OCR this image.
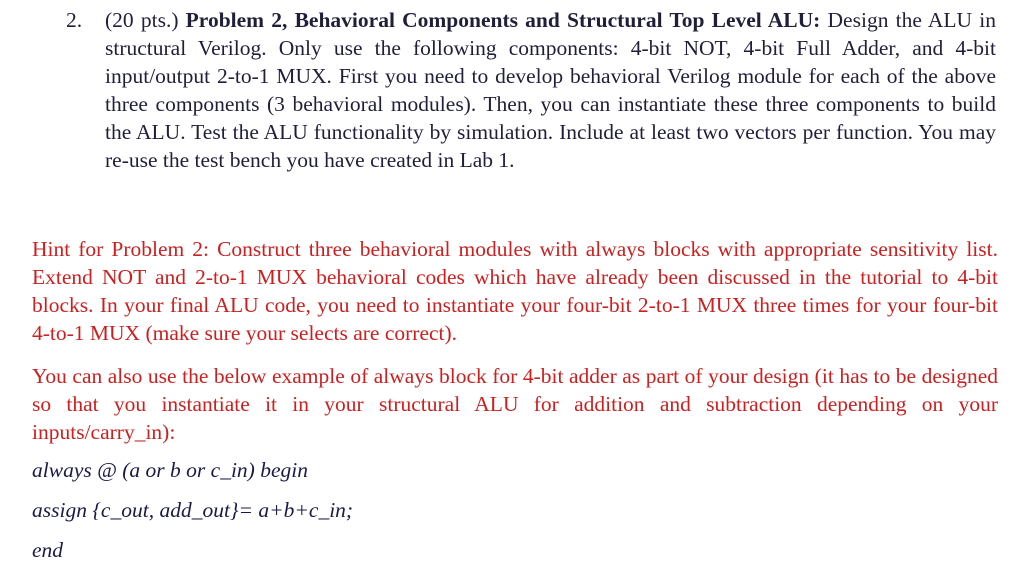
2.	(20 pts.) Problem 2, Behavioral Components and Structural Top Level ALU: Design the ALU in structural Verilog. Only use the following components: 4-bit NOT, 4-bit Full Adder, and 4-bit input/output 2-to-1 MUX. First you need to develop behavioral Verilog module for each of the above three components (3 behavioral modules). Then, you can instantiate these three components to build the ALU. Test the ALU functionality by simulation. Include at least two vectors per function. You may re-use the test bench you have created in Lab 1.
Hint for Problem 2: Construct three behavioral modules with always blocks with appropriate sensitivity list. Extend NOT and 2-to-1 MUX behavioral codes which have already been discussed in the tutorial to 4-bit blocks. In your final ALU code, you need to instantiate your four-bit 2-to-1 MUX three times for your four-bit 4-to-1 MUX (make sure your selects are correct).
You can also use the below example of always block for 4-bit adder as part of your design (it has to be designed so that you instantiate it in your structural ALU for addition and subtraction depending on your inputs/carry_in):
always @ (a or b or c_in) begin
assign {c_out, add_out}= a+b+c_in;
end
